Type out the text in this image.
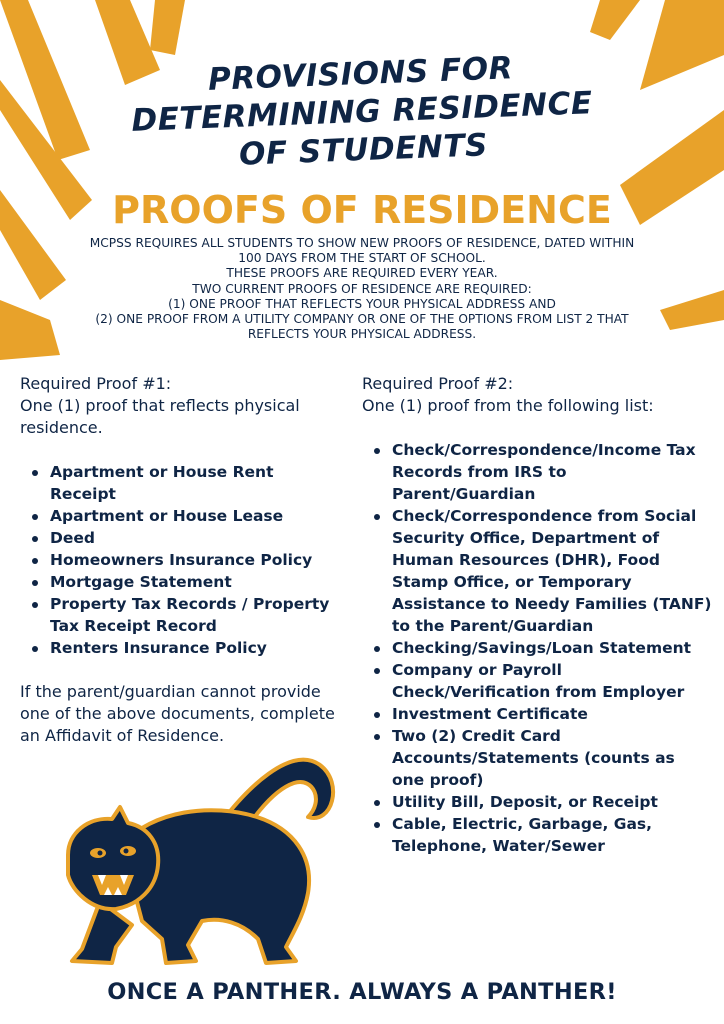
PROVISIONS FOR
DETERMINING RESIDENCE
OF STUDENTS
PROOFS OF RESIDENCE
MCPSS REQUIRES ALL STUDENTS TO SHOW NEW PROOFS OF RESIDENCE, DATED WITHIN
100 DAYS FROM THE START OF SCHOOL.
THESE PROOFS ARE REQUIRED EVERY YEAR.
TWO CURRENT PROOFS OF RESIDENCE ARE REQUIRED:
(1) ONE PROOF THAT REFLECTS YOUR PHYSICAL ADDRESS AND
(2) ONE PROOF FROM A UTILITY COMPANY OR ONE OF THE OPTIONS FROM LIST 2 THAT
REFLECTS YOUR PHYSICAL ADDRESS.
Required Proof #1:
One (1) proof that reflects physical residence.
Apartment or House Rent Receipt
Apartment or House Lease
Deed
Homeowners Insurance Policy
Mortgage Statement
Property Tax Records / Property Tax Receipt Record
Renters Insurance Policy
If the parent/guardian cannot provide one of the above documents, complete an Affidavit of Residence.
Required Proof #2:
One (1) proof from the following list:
Check/Correspondence/Income Tax Records from IRS to Parent/Guardian
Check/Correspondence from Social Security Office, Department of Human Resources (DHR), Food Stamp Office, or Temporary Assistance to Needy Families (TANF) to the Parent/Guardian
Checking/Savings/Loan Statement
Company or Payroll Check/Verification from Employer
Investment Certificate
Two (2) Credit Card Accounts/Statements (counts as one proof)
Utility Bill, Deposit, or Receipt
Cable, Electric, Garbage, Gas, Telephone, Water/Sewer
ONCE A PANTHER. ALWAYS A PANTHER!
